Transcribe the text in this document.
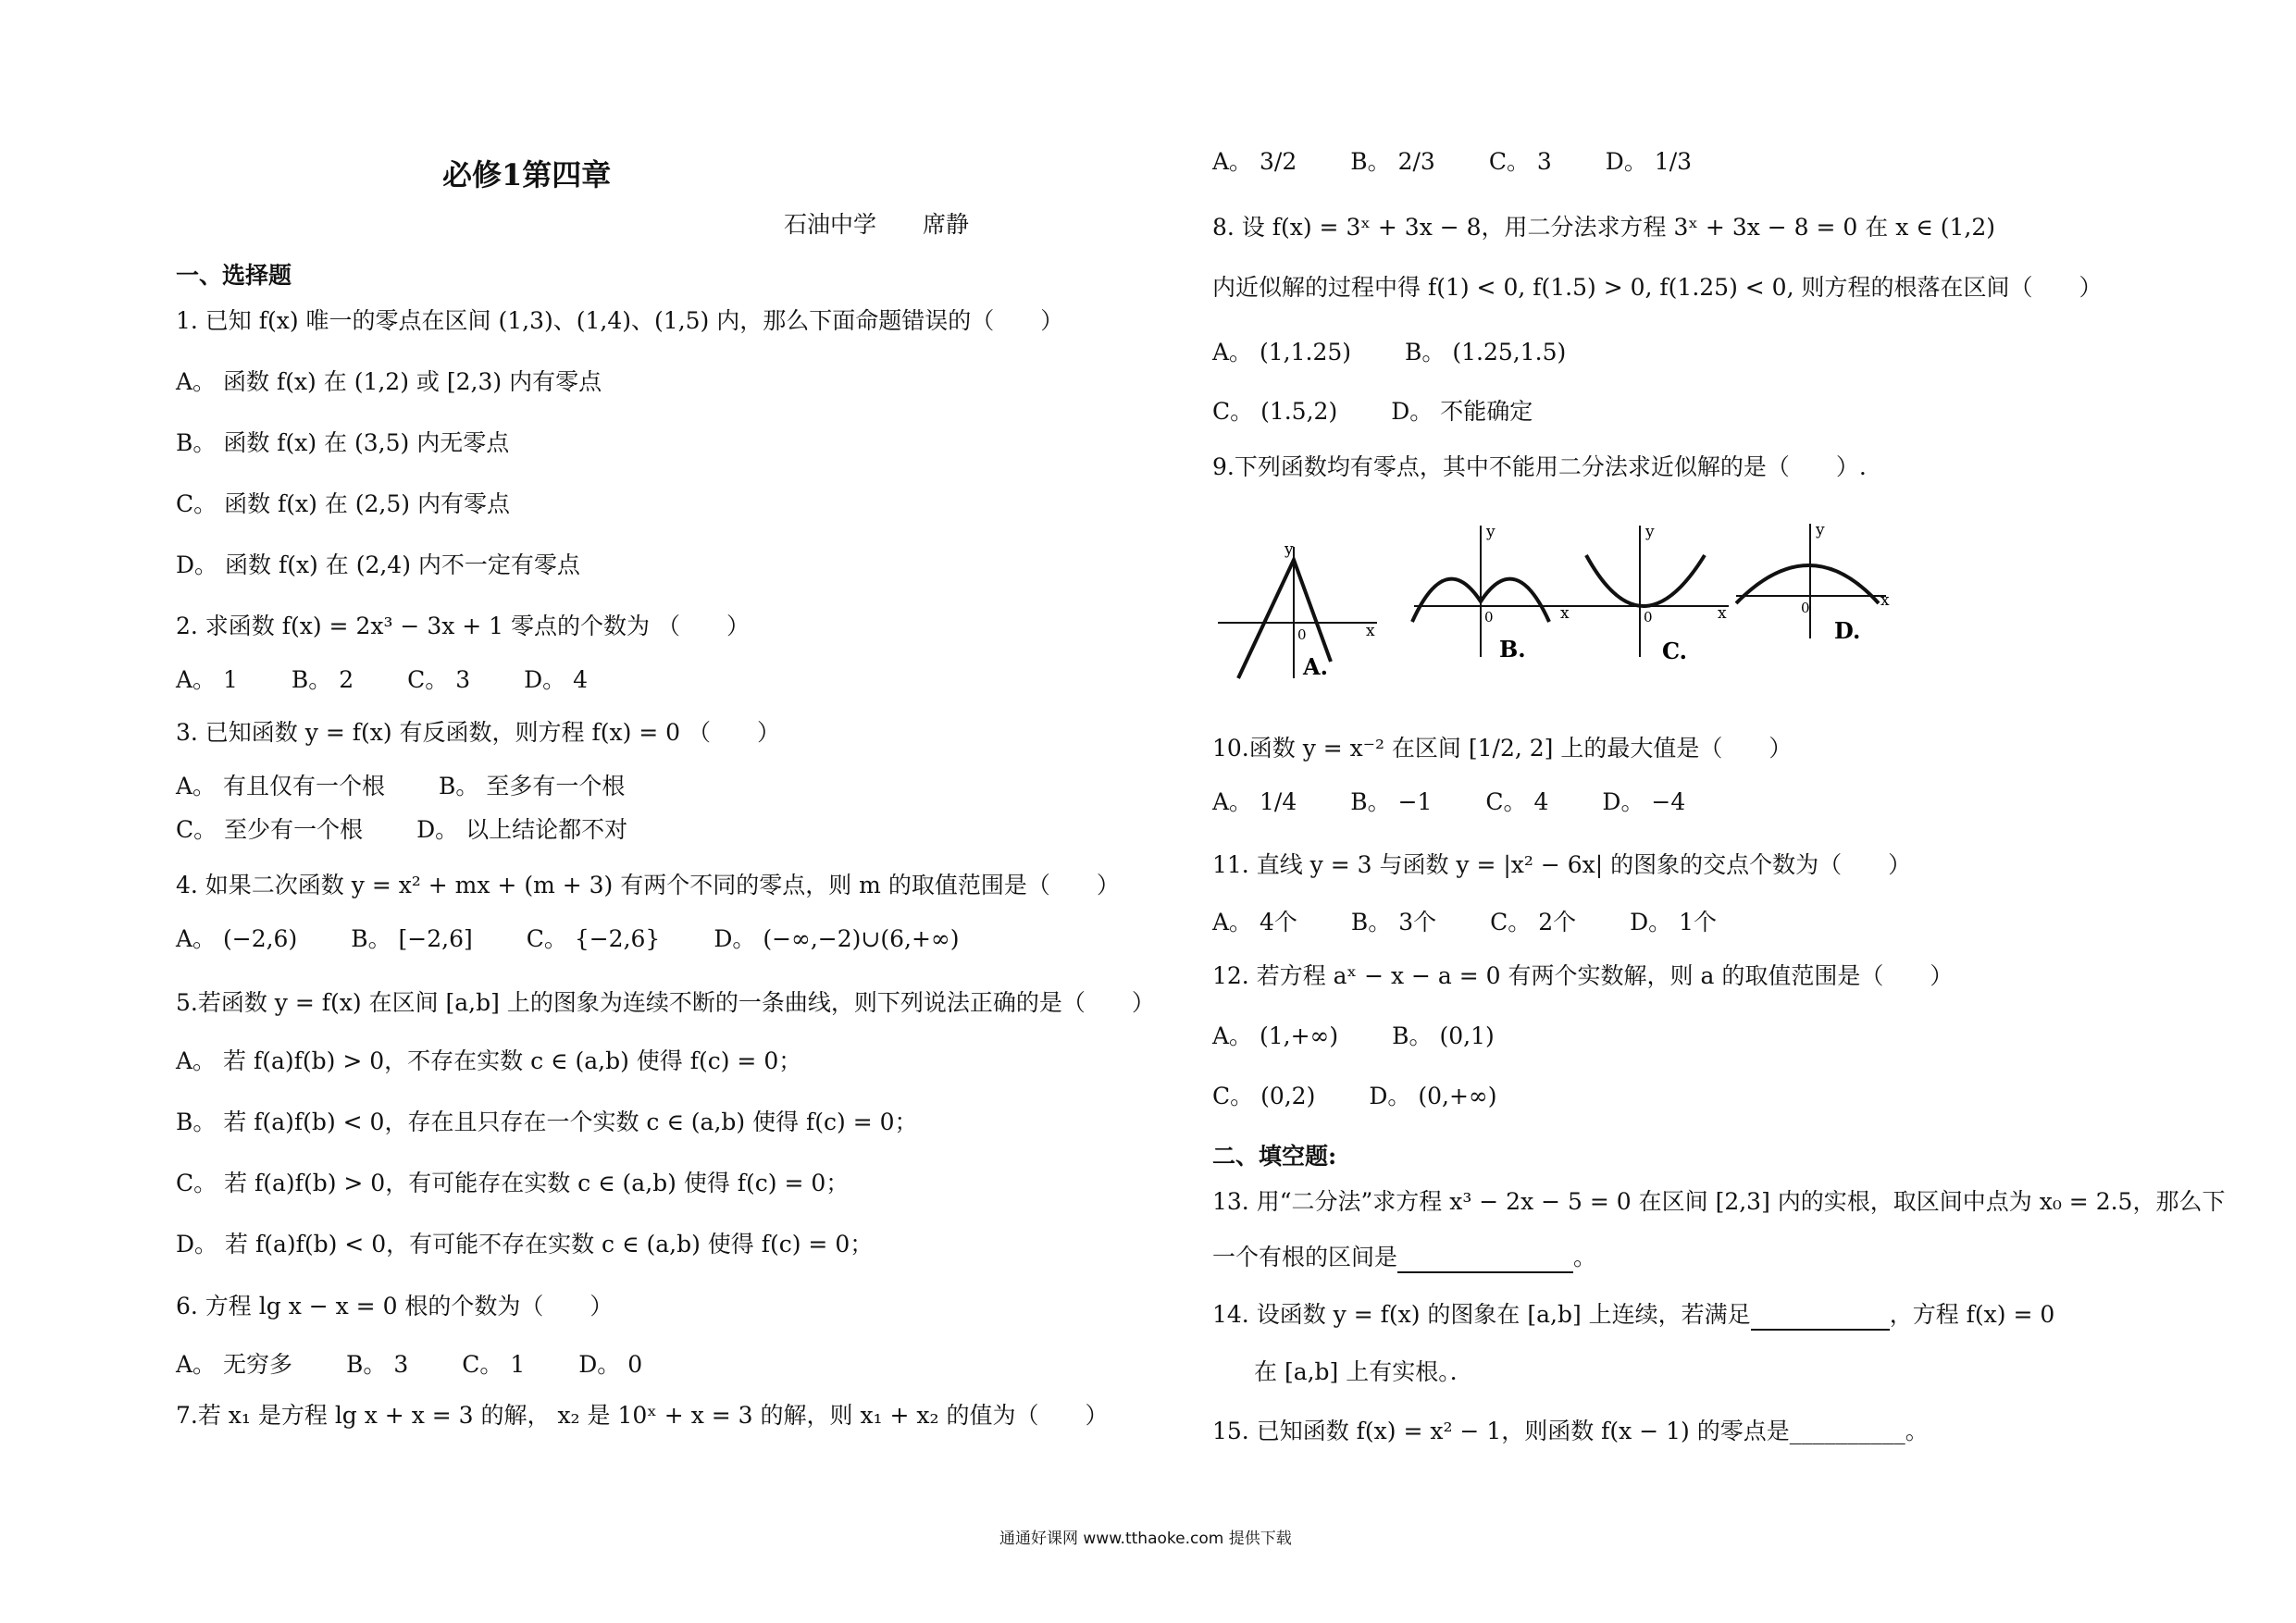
必修1第四章
石油中学　　席静
一、选择题
1. 已知 f(x) 唯一的零点在区间 (1,3)、(1,4)、(1,5) 内，那么下面命题错误的（　　）
A。 函数 f(x) 在 (1,2) 或 [2,3) 内有零点
B。 函数 f(x) 在 (3,5) 内无零点
C。 函数 f(x) 在 (2,5) 内有零点
D。 函数 f(x) 在 (2,4) 内不一定有零点
2. 求函数 f(x) = 2x³ − 3x + 1 零点的个数为 （　　）
A。 1 B。 2 C。 3 D。 4
3. 已知函数 y = f(x) 有反函数，则方程 f(x) = 0 （　　）
A。 有且仅有一个根 B。 至多有一个根
C。 至少有一个根 D。 以上结论都不对
4. 如果二次函数 y = x² + mx + (m + 3) 有两个不同的零点，则 m 的取值范围是（　　）
A。 (−2,6) B。 [−2,6] C。 {−2,6} D。 (−∞,−2)∪(6,+∞)
5.若函数 y = f(x) 在区间 [a,b] 上的图象为连续不断的一条曲线，则下列说法正确的是（　　）
A。 若 f(a)f(b) > 0，不存在实数 c ∈ (a,b) 使得 f(c) = 0；
B。 若 f(a)f(b) < 0，存在且只存在一个实数 c ∈ (a,b) 使得 f(c) = 0；
C。 若 f(a)f(b) > 0，有可能存在实数 c ∈ (a,b) 使得 f(c) = 0；
D。 若 f(a)f(b) < 0，有可能不存在实数 c ∈ (a,b) 使得 f(c) = 0；
6. 方程 lg x − x = 0 根的个数为（　　）
A。 无穷多 B。 3 C。 1 D。 0
7.若 x₁ 是方程 lg x + x = 3 的解， x₂ 是 10ˣ + x = 3 的解，则 x₁ + x₂ 的值为（　　）
A。 3/2 B。 2/3 C。 3 D。 1/3
8. 设 f(x) = 3ˣ + 3x − 8，用二分法求方程 3ˣ + 3x − 8 = 0 在 x ∈ (1,2)
内近似解的过程中得 f(1) < 0, f(1.5) > 0, f(1.25) < 0, 则方程的根落在区间（　　）
A。 (1,1.25) B。 (1.25,1.5)
C。 (1.5,2) D。 不能确定
9.下列函数均有零点，其中不能用二分法求近似解的是（　　）.
y
x
0
A.
y
x
0
B.
y
x
0
C.
y
x
0
D.
10.函数 y = x⁻² 在区间 [1/2, 2] 上的最大值是（　　）
A。 1/4 B。 −1 C。 4 D。 −4
11. 直线 y = 3 与函数 y = |x² − 6x| 的图象的交点个数为（　　）
A。 4个 B。 3个 C。 2个 D。 1个
12. 若方程 aˣ − x − a = 0 有两个实数解，则 a 的取值范围是（　　）
A。 (1,+∞) B。 (0,1)
C。 (0,2) D。 (0,+∞)
二、填空题:
13. 用“二分法”求方程 x³ − 2x − 5 = 0 在区间 [2,3] 内的实根，取区间中点为 x₀ = 2.5，那么下
一个有根的区间是	。
14. 设函数 y = f(x) 的图象在 [a,b] 上连续，若满足	，方程 f(x) = 0
在 [a,b] 上有实根。．
15. 已知函数 f(x) = x² − 1，则函数 f(x − 1) 的零点是__________。
通通好课网 www.tthaoke.com 提供下载
